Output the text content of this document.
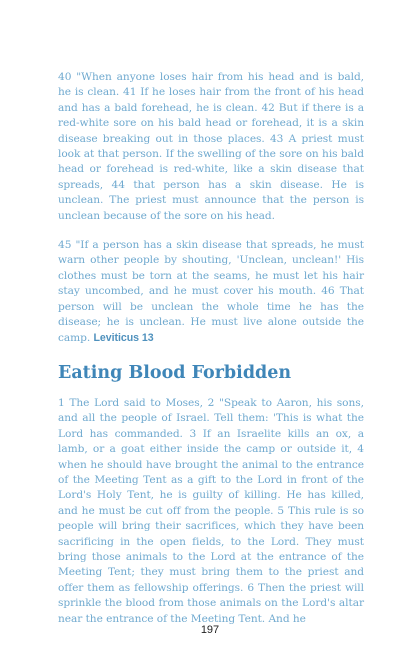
40 "When anyone loses hair from his head and is bald, he is clean. 41 If he loses hair from the front of his head and has a bald forehead, he is clean. 42 But if there is a red-white sore on his bald head or forehead, it is a skin disease breaking out in those places. 43 A priest must look at that person. If the swelling of the sore on his bald head or forehead is red-white, like a skin disease that spreads, 44 that person has a skin disease. He is unclean. The priest must announce that the person is unclean because of the sore on his head.

45 "If a person has a skin disease that spreads, he must warn other people by shouting, 'Unclean, unclean!' His clothes must be torn at the seams, he must let his hair stay uncombed, and he must cover his mouth. 46 That person will be unclean the whole time he has the disease; he is unclean. He must live alone outside the camp. Leviticus 13

Eating Blood Forbidden

1 The Lord said to Moses, 2 "Speak to Aaron, his sons, and all the people of Israel. Tell them: 'This is what the Lord has commanded. 3 If an Israelite kills an ox, a lamb, or a goat either inside the camp or outside it, 4 when he should have brought the animal to the entrance of the Meeting Tent as a gift to the Lord in front of the Lord's Holy Tent, he is guilty of killing. He has killed, and he must be cut off from the people. 5 This rule is so people will bring their sacrifices, which they have been sacrificing in the open fields, to the Lord. They must bring those animals to the Lord at the entrance of the Meeting Tent; they must bring them to the priest and offer them as fellowship offerings. 6 Then the priest will sprinkle the blood from those animals on the Lord's altar near the entrance of the Meeting Tent. And he

197
